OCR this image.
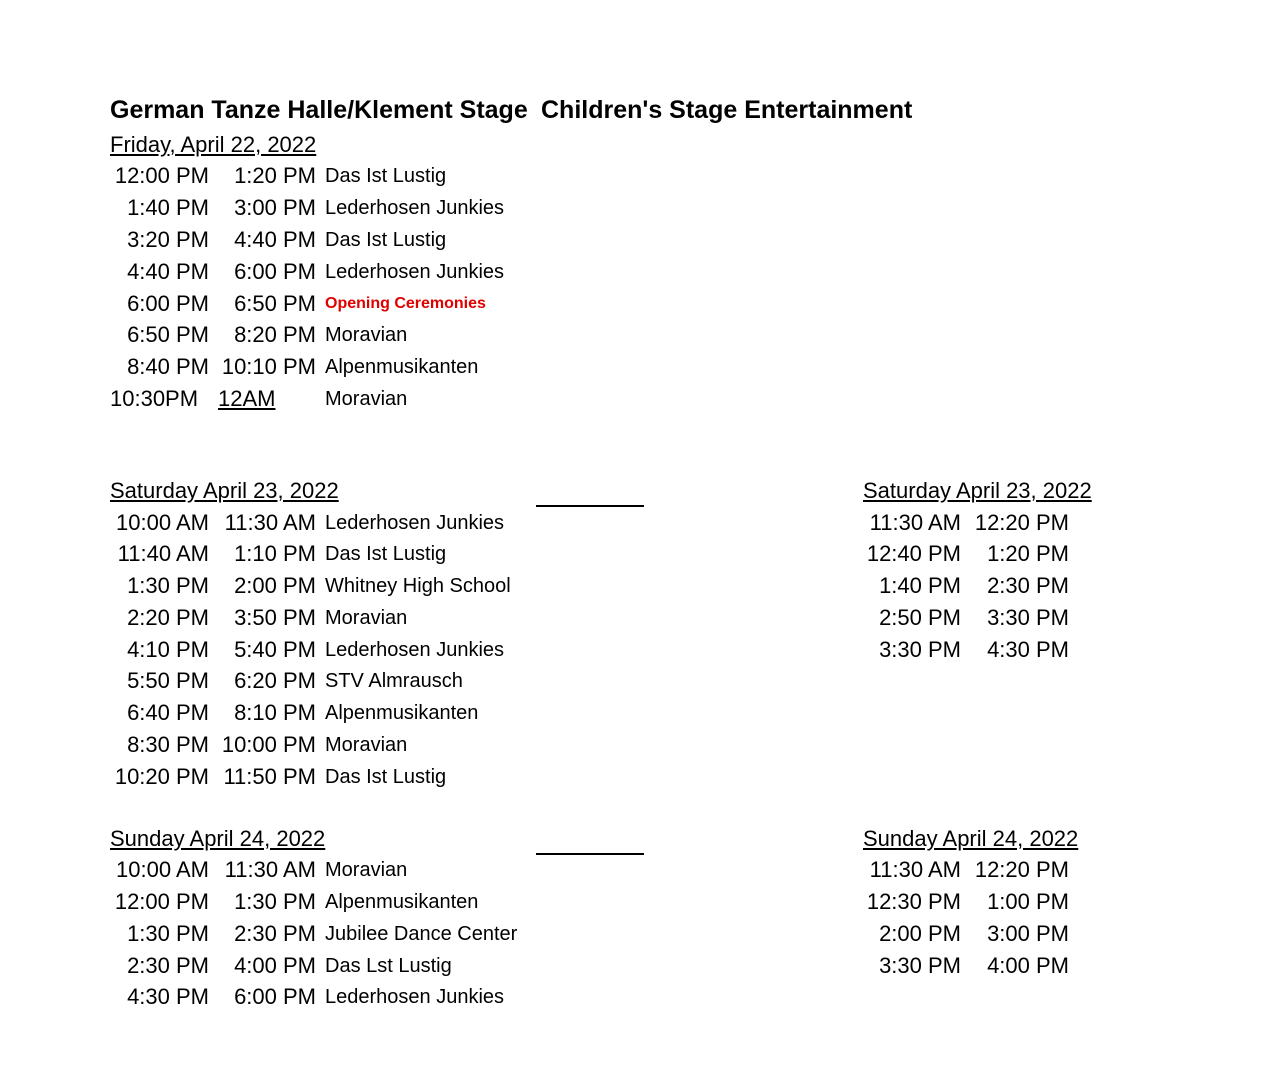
German Tanze Halle/Klement Stage Children's Stage Entertainment
Friday, April 22, 2022
12:00 PM	1:20 PM Das Ist Lustig
1:40 PM	3:00 PM Lederhosen Junkies
3:20 PM	4:40 PM Das Ist Lustig
4:40 PM	6:00 PM Lederhosen Junkies
6:00 PM	6:50 PM Opening Ceremonies
6:50 PM	8:20 PM Moravian
8:40 PM 10:10 PM Alpenmusikanten
10:30PM 12AM	Moravian
Saturday April 23, 2022	Saturday April 23, 2022
10:00 AM 11:30 AM Lederhosen Junkies
11:40 AM	1:10 PM Das Ist Lustig
1:30 PM	2:00 PM Whitney High School
2:20 PM	3:50 PM Moravian
4:10 PM	5:40 PM Lederhosen Junkies
5:50 PM	6:20 PM STV Almrausch
6:40 PM	8:10 PM Alpenmusikanten
8:30 PM 10:00 PM Moravian
10:20 PM 11:50 PM Das Ist Lustig
11:30 AM 12:20 PM
12:40 PM	1:20 PM
1:40 PM	2:30 PM
2:50 PM	3:30 PM
3:30 PM	4:30 PM
Sunday April 24, 2022	Sunday April 24, 2022
10:00 AM 11:30 AM Moravian
12:00 PM	1:30 PM Alpenmusikanten
1:30 PM	2:30 PM Jubilee Dance Center
2:30 PM	4:00 PM Das Lst Lustig
4:30 PM	6:00 PM Lederhosen Junkies
11:30 AM 12:20 PM
12:30 PM	1:00 PM
2:00 PM	3:00 PM
3:30 PM	4:00 PM
